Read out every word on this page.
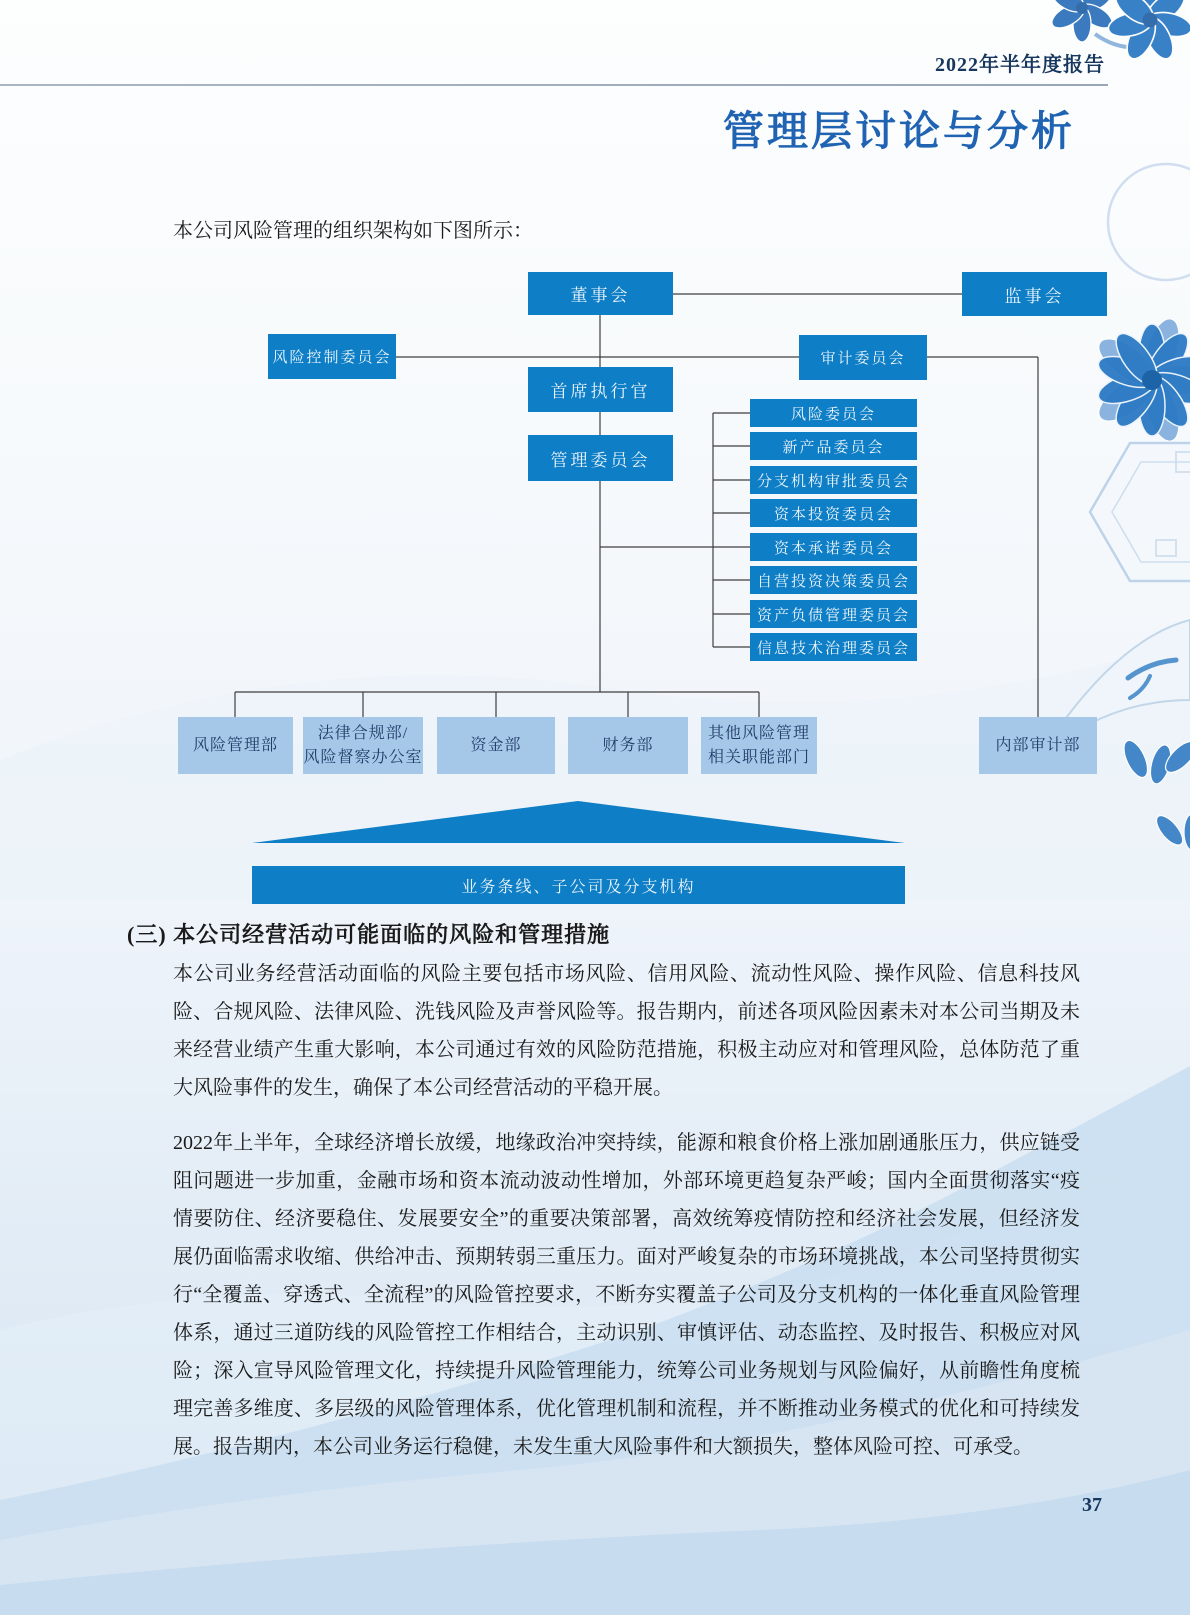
2022年半年度报告
管理层讨论与分析
本公司风险管理的组织架构如下图所示：
董事会	监事会
风险控制委员会	审计委员会
首席执行官
管理委员会
风险委员会
新产品委员会
分支机构审批委员会
资本投资委员会
资本承诺委员会
自营投资决策委员会
资产负债管理委员会
信息技术治理委员会
风险管理部
法律合规部/
风险督察办公室
资金部	财务部
其他风险管理
相关职能部门
内部审计部
业务条线、子公司及分支机构
(三) 本公司经营活动可能面临的风险和管理措施

本公司业务经营活动面临的风险主要包括市场风险、信用风险、流动性风险、操作风险、信息科技风险、合规风险、法律风险、洗钱风险及声誉风险等。报告期内，前述各项风险因素未对本公司当期及未来经营业绩产生重大影响，本公司通过有效的风险防范措施，积极主动应对和管理风险，总体防范了重大风险事件的发生，确保了本公司经营活动的平稳开展。

2022年上半年，全球经济增长放缓，地缘政治冲突持续，能源和粮食价格上涨加剧通胀压力，供应链受阻问题进一步加重，金融市场和资本流动波动性增加，外部环境更趋复杂严峻；国内全面贯彻落实“疫情要防住、经济要稳住、发展要安全”的重要决策部署，高效统筹疫情防控和经济社会发展，但经济发展仍面临需求收缩、供给冲击、预期转弱三重压力。面对严峻复杂的市场环境挑战，本公司坚持贯彻实行“全覆盖、穿透式、全流程”的风险管控要求，不断夯实覆盖子公司及分支机构的一体化垂直风险管理体系，通过三道防线的风险管控工作相结合，主动识别、审慎评估、动态监控、及时报告、积极应对风险；深入宣导风险管理文化，持续提升风险管理能力，统筹公司业务规划与风险偏好，从前瞻性角度梳理完善多维度、多层级的风险管理体系，优化管理机制和流程，并不断推动业务模式的优化和可持续发展。报告期内，本公司业务运行稳健，未发生重大风险事件和大额损失，整体风险可控、可承受。

37
